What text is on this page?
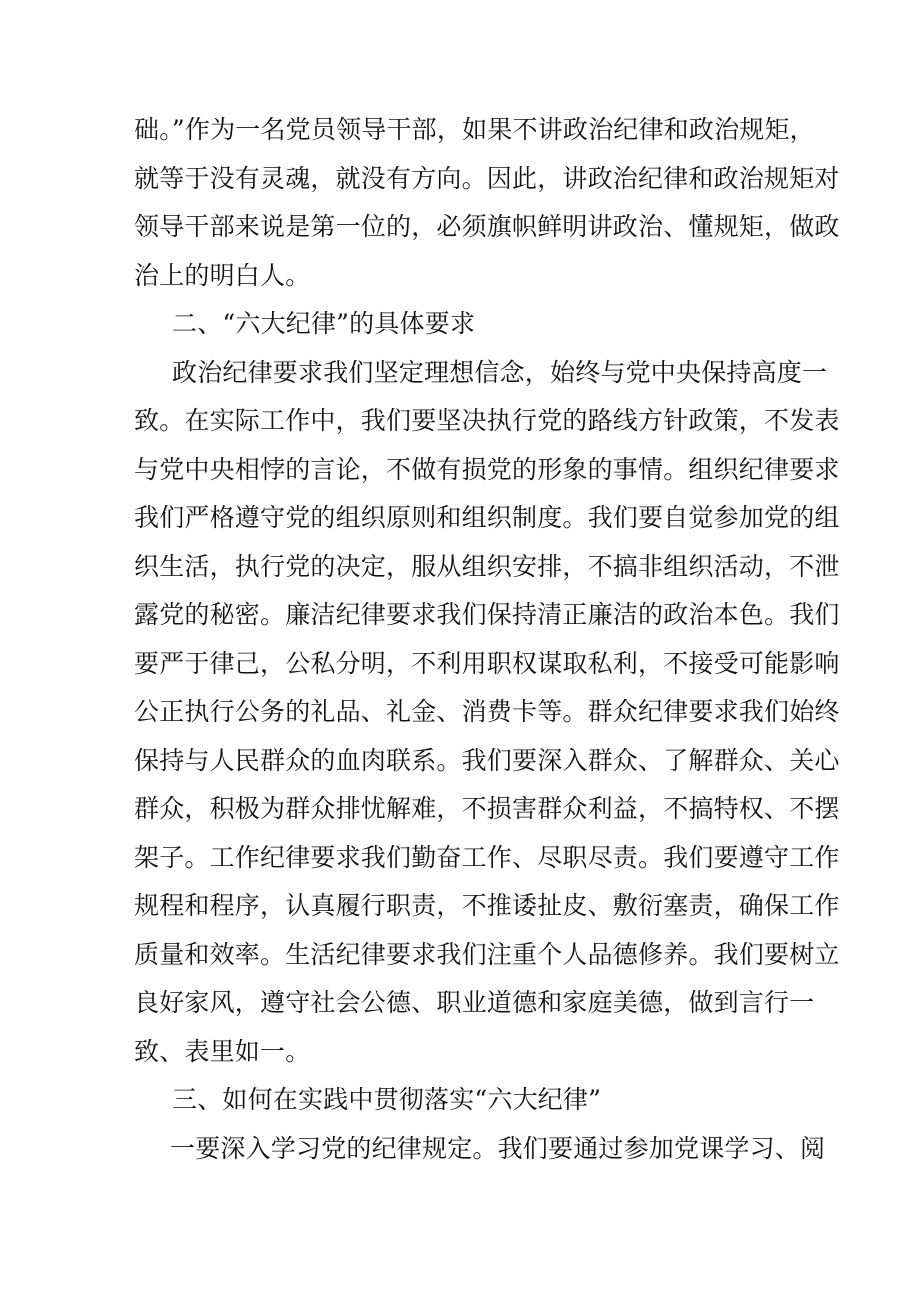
础。”作为一名党员领导干部，如果不讲政治纪律和政治规矩，
就等于没有灵魂，就没有方向。因此，讲政治纪律和政治规矩对
领导干部来说是第一位的，必须旗帜鲜明讲政治、懂规矩，做政
治上的明白人。
二、“六大纪律”的具体要求
政治纪律要求我们坚定理想信念，始终与党中央保持高度一
致。在实际工作中，我们要坚决执行党的路线方针政策，不发表
与党中央相悖的言论，不做有损党的形象的事情。组织纪律要求
我们严格遵守党的组织原则和组织制度。我们要自觉参加党的组
织生活，执行党的决定，服从组织安排，不搞非组织活动，不泄
露党的秘密。廉洁纪律要求我们保持清正廉洁的政治本色。我们
要严于律己，公私分明，不利用职权谋取私利，不接受可能影响
公正执行公务的礼品、礼金、消费卡等。群众纪律要求我们始终
保持与人民群众的血肉联系。我们要深入群众、了解群众、关心
群众，积极为群众排忧解难，不损害群众利益，不搞特权、不摆
架子。工作纪律要求我们勤奋工作、尽职尽责。我们要遵守工作
规程和程序，认真履行职责，不推诿扯皮、敷衍塞责，确保工作
质量和效率。生活纪律要求我们注重个人品德修养。我们要树立
良好家风，遵守社会公德、职业道德和家庭美德，做到言行一
致、表里如一。
三、如何在实践中贯彻落实“六大纪律”
一要深入学习党的纪律规定。我们要通过参加党课学习、阅
